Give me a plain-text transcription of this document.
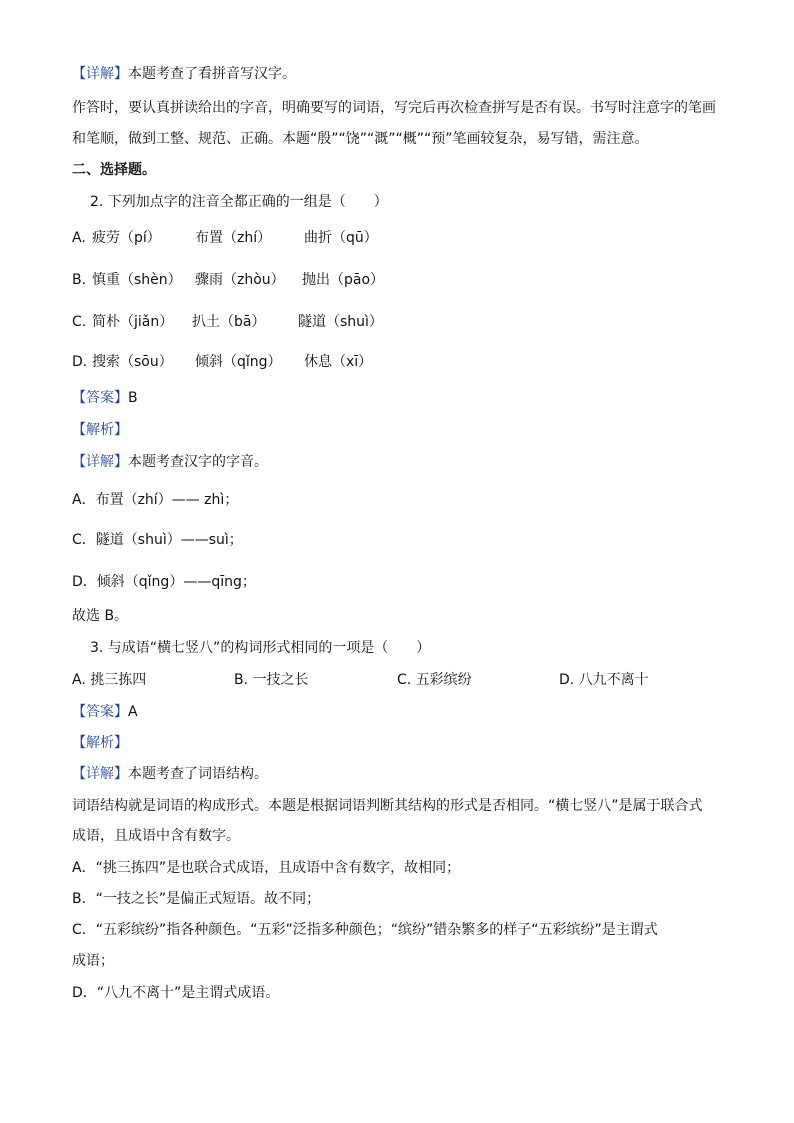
【详解】本题考查了看拼音写汉字。
作答时，要认真拼读给出的字音，明确要写的词语，写完后再次检查拼写是否有误。书写时注意字的笔画
和笔顺，做到工整、规范、正确。本题“殷”“饶”“溉”“概”“预”笔画较复杂，易写错，需注意。
二、选择题。
2. 下列加点字的注音全都正确的一组是（　　）
A. 疲劳（pí） 布置（zhí） 曲折（qū）
B. 慎重（shèn） 骤雨（zhòu） 抛出（pāo）
C. 简朴（jiǎn） 扒土（bā） 隧道（shuì）
D. 搜索（sōu） 倾斜（qǐng） 休息（xī）
【答案】B
【解析】
【详解】本题考查汉字的字音。
A．布置（zhí）—— zhì；
C．隧道（shuì）——suì；
D．倾斜（qǐng）——qīng；
故选 B。
3. 与成语“横七竖八”的构词形式相同的一项是（　　）
A. 挑三拣四	B. 一技之长	C. 五彩缤纷	D. 八九不离十
【答案】A
【解析】
【详解】本题考查了词语结构。
词语结构就是词语的构成形式。本题是根据词语判断其结构的形式是否相同。“横七竖八”是属于联合式
成语，且成语中含有数字。
A．“挑三拣四”是也联合式成语，且成语中含有数字，故相同；
B．“一技之长”是偏正式短语。故不同；
C．“五彩缤纷”指各种颜色。“五彩”泛指多种颜色；“缤纷”错杂繁多的样子“五彩缤纷”是主谓式
成语；
D．“八九不离十”是主谓式成语。
